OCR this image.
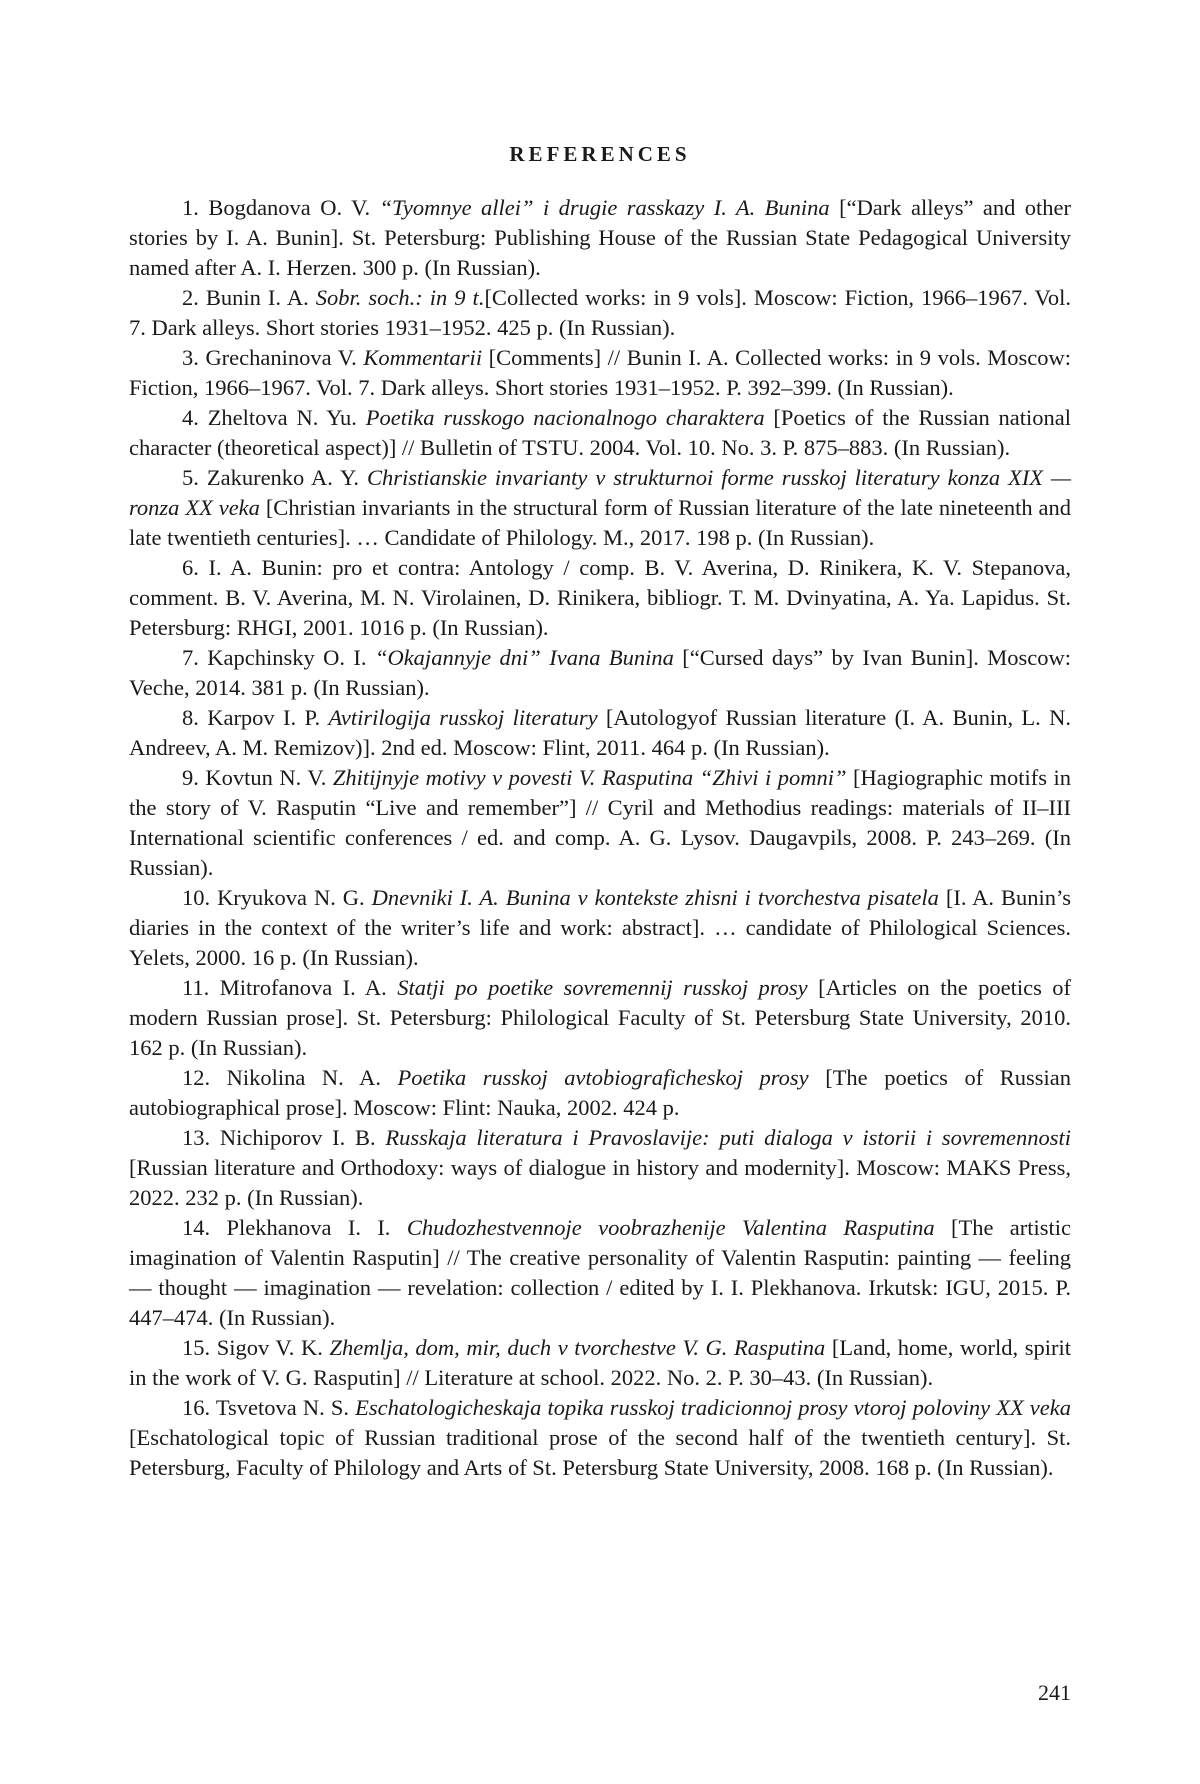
REFERENCES

1. Bogdanova O. V. “Tyomnye allei” i drugie rasskazy I. A. Bunina [“Dark alleys” and other stories by I. A. Bunin]. St. Petersburg: Publishing House of the Russian State Pedagogical University named after A. I. Herzen. 300 p. (In Russian).

2. Bunin I. A. Sobr. soch.: in 9 t.[Collected works: in 9 vols]. Moscow: Fiction, 1966–1967. Vol. 7. Dark alleys. Short stories 1931–1952. 425 p. (In Russian).

3. Grechaninova V. Kommentarii [Comments] // Bunin I. A. Collected works: in 9 vols. Moscow: Fiction, 1966–1967. Vol. 7. Dark alleys. Short stories 1931–1952. P. 392–399. (In Russian).

4. Zheltova N. Yu. Poetika russkogo nacionalnogo charaktera [Poetics of the Russian national character (theoretical aspect)] // Bulletin of TSTU. 2004. Vol. 10. No. 3. P. 875–883. (In Russian).

5. Zakurenko A. Y. Christianskie invarianty v strukturnoi forme russkoj literatury konza XIX — ronza XX veka [Christian invariants in the structural form of Russian literature of the late nineteenth and late twentieth centuries]. … Candidate of Philology. M., 2017. 198 p. (In Russian).

6. I. A. Bunin: pro et contra: Antology / comp. B. V. Averina, D. Rinikera, K. V. Stepanova, comment. B. V. Averina, M. N. Virolainen, D. Rinikera, bibliogr. T. M. Dvinyatina, A. Ya. Lapidus. St. Petersburg: RHGI, 2001. 1016 p. (In Russian).

7. Kapchinsky O. I. “Okajannyje dni” Ivana Bunina [“Cursed days” by Ivan Bunin]. Moscow: Veche, 2014. 381 p. (In Russian).

8. Karpov I. P. Avtirilogija russkoj literatury [Autologyof Russian literature (I. A. Bunin, L. N. Andreev, A. M. Remizov)]. 2nd ed. Moscow: Flint, 2011. 464 p. (In Russian).

9. Kovtun N. V. Zhitijnyje motivy v povesti V. Rasputina “Zhivi i pomni” [Hagiographic motifs in the story of V. Rasputin “Live and remember”] // Cyril and Methodius readings: materials of II–III International scientific conferences / ed. and comp. A. G. Lysov. Daugavpils, 2008. P. 243–269. (In Russian).

10. Kryukova N. G. Dnevniki I. A. Bunina v kontekste zhisni i tvorchestva pisatela [I. A. Bunin’s diaries in the context of the writer’s life and work: abstract]. … candidate of Philological Sciences. Yelets, 2000. 16 p. (In Russian).

11. Mitrofanova I. A. Statji po poetike sovremennij russkoj prosy [Articles on the poetics of modern Russian prose]. St. Petersburg: Philological Faculty of St. Petersburg State University, 2010. 162 p. (In Russian).

12. Nikolina N. A. Poetika russkoj avtobiograficheskoj prosy [The poetics of Russian autobiographical prose]. Moscow: Flint: Nauka, 2002. 424 p.

13. Nichiporov I. B. Russkaja literatura i Pravoslavije: puti dialoga v istorii i sovremennosti [Russian literature and Orthodoxy: ways of dialogue in history and modernity]. Moscow: MAKS Press, 2022. 232 p. (In Russian).

14. Plekhanova I. I. Chudozhestvennoje voobrazhenije Valentina Rasputina [The artistic imagination of Valentin Rasputin] // The creative personality of Valentin Rasputin: painting — feeling — thought — imagination — revelation: collection / edited by I. I. Plekhanova. Irkutsk: IGU, 2015. P. 447–474. (In Russian).

15. Sigov V. K. Zhemlja, dom, mir, duch v tvorchestve V. G. Rasputina [Land, home, world, spirit in the work of V. G. Rasputin] // Literature at school. 2022. No. 2. P. 30–43. (In Russian).

16. Tsvetova N. S. Eschatologicheskaja topika russkoj tradicionnoj prosy vtoroj poloviny XX veka [Eschatological topic of Russian traditional prose of the second half of the twentieth century]. St. Petersburg, Faculty of Philology and Arts of St. Petersburg State University, 2008. 168 p. (In Russian).

241
